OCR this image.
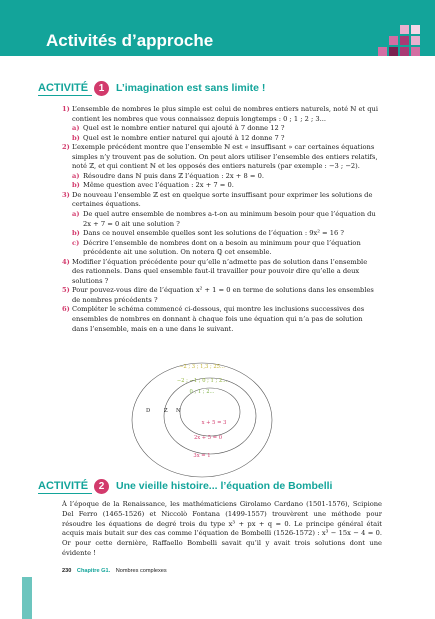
Activités d’approche
ACTIVITÉ	1	L’imagination est sans limite !
1) L’ensemble de nombres le plus simple est celui de nombres entiers naturels, noté ℕ et qui contient les nombres que vous connaissez depuis longtemps : 0 ; 1 ; 2 ; 3...
a) Quel est le nombre entier naturel qui ajouté à 7 donne 12 ?
b) Quel est le nombre entier naturel qui ajouté à 12 donne 7 ?
2) L’exemple précédent montre que l’ensemble ℕ est « insuffisant » car certaines équations simples n’y trouvent pas de solution. On peut alors utiliser l’ensemble des entiers relatifs, noté ℤ, et qui contient ℕ et les opposés des entiers naturels (par exemple : −3 ; −2).
a) Résoudre dans ℕ puis dans ℤ l’équation : 2x + 8 = 0.
b) Même question avec l’équation : 2x + 7 = 0.
3) De nouveau l’ensemble ℤ est en quelque sorte insuffisant pour exprimer les solutions de certaines équations.
a) De quel autre ensemble de nombres a-t-on au minimum besoin pour que l’équation du 2x + 7 = 0 ait une solution ?
b) Dans ce nouvel ensemble quelles sont les solutions de l’équation : 9x² = 16 ?
c) Décrire l’ensemble de nombres dont on a besoin au minimum pour que l’équation précédente ait une solution. On notera ℚ cet ensemble.
4) Modifier l’équation précédente pour qu’elle n’admette pas de solution dans l’ensemble des rationnels. Dans quel ensemble faut-il travailler pour pouvoir dire qu’elle a deux solutions ?
5) Pour pouvez-vous dire de l’équation x² + 1 = 0 en terme de solutions dans les ensembles de nombres précédents ?
6) Compléter le schéma commencé ci-dessous, qui montre les inclusions successives des ensembles de nombres en donnant à chaque fois une équation qui n’a pas de solution dans l’ensemble, mais en a une dans le suivant.
−2 ; 3 ; 1,3 ; 25...
−2 ; −1 ; 0 ; 1 ; 2...
0 ; 1 ; 2...
D	Z N
x + 5 = 3
2x + 5 = 0
3x = 1
ACTIVITÉ	2	Une vieille histoire... l’équation de Bombelli
À l’époque de la Renaissance, les mathématiciens Girolamo Cardano (1501-1576), Scipione Del Ferro (1465-1526) et Niccolò Fontana (1499-1557) trouvèrent une méthode pour résoudre les équations de degré trois du type x³ + px + q = 0. Le principe général était acquis mais butait sur des cas comme l’équation de Bombelli (1526-1572) : x³ − 15x − 4 = 0. Or pour cette dernière, Raffaello Bombelli savait qu’il y avait trois solutions dont une évidente !
230 Chapitre G1. Nombres complexes
